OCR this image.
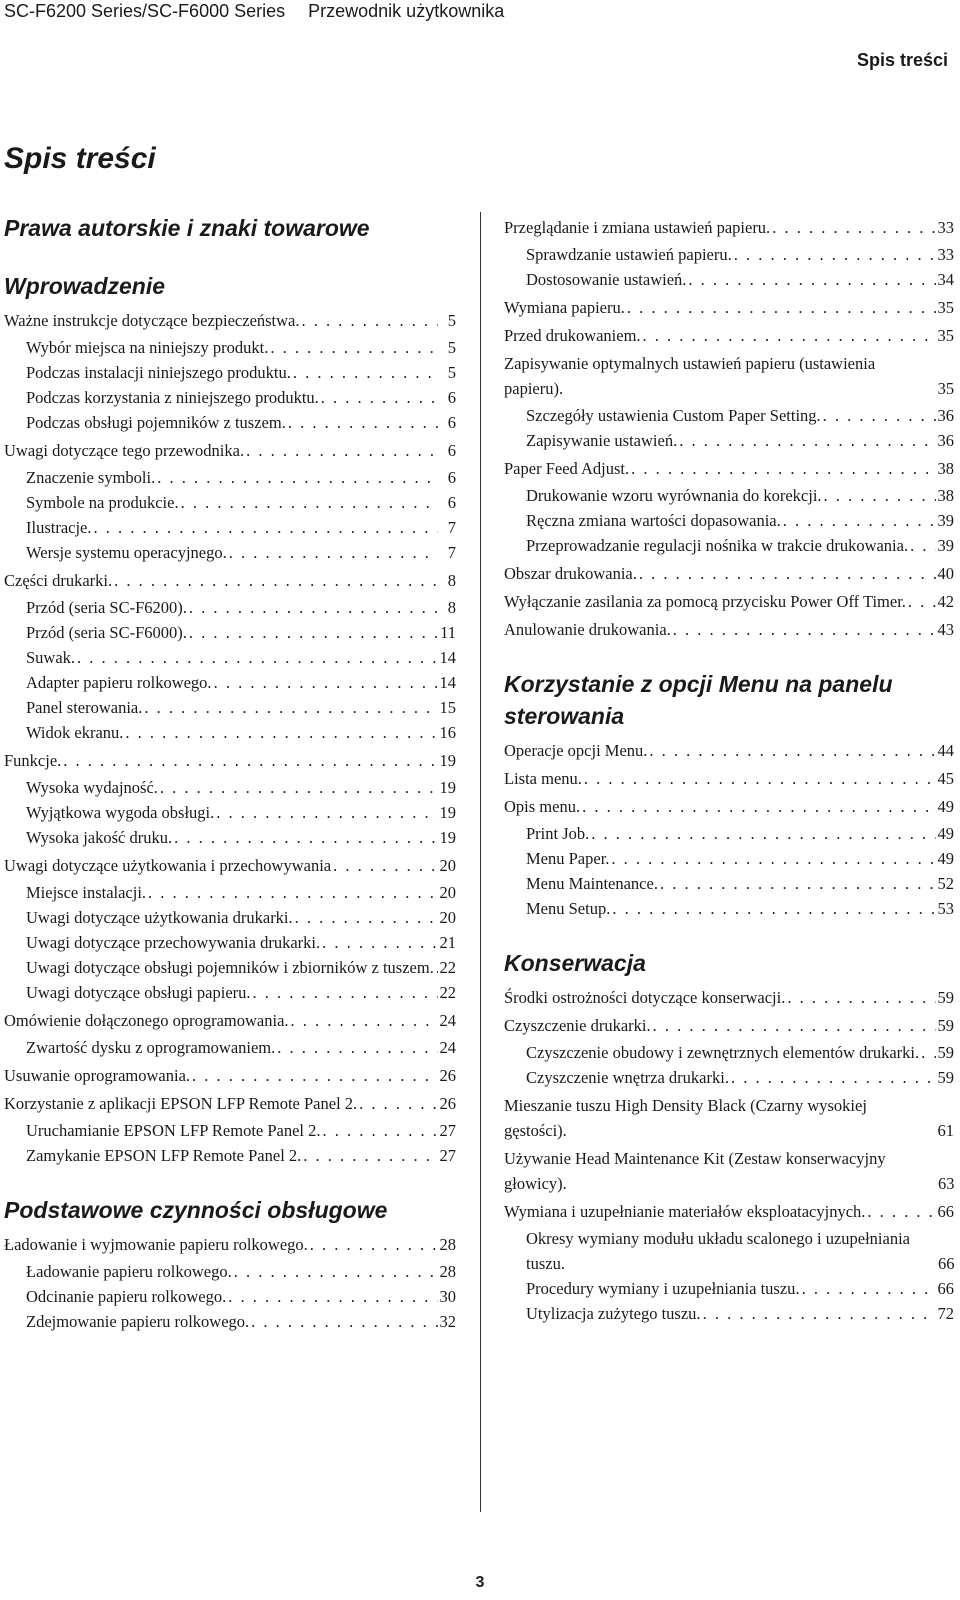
SC-F6200 Series/SC-F6000 Series Przewodnik użytkownika
Spis treści
Spis treści
Prawa autorskie i znaki towarowe
Wprowadzenie
Ważne instrukcje dotyczące bezpieczeństwa. . . .	5
Wybór miejsca na niniejszy produkt. . . .	5
Podczas instalacji niniejszego produktu. . . .	5
Podczas korzystania z niniejszego produktu. . . .	6
Podczas obsługi pojemników z tuszem. . . .	6
Uwagi dotyczące tego przewodnika. . . .	6
Znaczenie symboli. . . .	6
Symbole na produkcie. . . .	6
Ilustracje. . . .	7
Wersje systemu operacyjnego. . . .	7
Części drukarki. . . .	8
Przód (seria SC-F6200). . . .	8
Przód (seria SC-F6000). . . .	11
Suwak. . . .	14
Adapter papieru rolkowego. . . .	14
Panel sterowania. . . .	15
Widok ekranu. . . .	16
Funkcje. . . .	19
Wysoka wydajność. . . .	19
Wyjątkowa wygoda obsługi. . . .	19
Wysoka jakość druku. . . .	19
Uwagi dotyczące użytkowania i przechowywania . . .	20
Miejsce instalacji. . . .	20
Uwagi dotyczące użytkowania drukarki. . . .	20
Uwagi dotyczące przechowywania drukarki. . . .	21
Uwagi dotyczące obsługi pojemników i zbiorników z tuszem. . . . 22
Uwagi dotyczące obsługi papieru. . . .	22
Omówienie dołączonego oprogramowania. . . .	24
Zwartość dysku z oprogramowaniem. . . .	24
Usuwanie oprogramowania. . . .	26
Korzystanie z aplikacji EPSON LFP Remote Panel 2. . . .	26
Uruchamianie EPSON LFP Remote Panel 2. . . .	27
Zamykanie EPSON LFP Remote Panel 2. . . .	27
Podstawowe czynności obsługowe
Ładowanie i wyjmowanie papieru rolkowego. . . .	28
Ładowanie papieru rolkowego. . . .	28
Odcinanie papieru rolkowego. . . .	30
Zdejmowanie papieru rolkowego. . . .	32
Przeglądanie i zmiana ustawień papieru. . . .	33
Sprawdzanie ustawień papieru. . . .	33
Dostosowanie ustawień. . . .	34
Wymiana papieru. . . .	35
Przed drukowaniem. . . .	35
Zapisywanie optymalnych ustawień papieru (ustawienia papieru).	35
Szczegóły ustawienia Custom Paper Setting. . . .	36
Zapisywanie ustawień. . . .	36
Paper Feed Adjust. . . .	38
Drukowanie wzoru wyrównania do korekcji. . . .	38
Ręczna zmiana wartości dopasowania. . . .	39
Przeprowadzanie regulacji nośnika w trakcie drukowania. . . . 39
Obszar drukowania. . . .	40
Wyłączanie zasilania za pomocą przycisku Power Off Timer. . . . 42
Anulowanie drukowania. . . .	43
Korzystanie z opcji Menu na panelu sterowania
Operacje opcji Menu. . . .	44
Lista menu. . . .	45
Opis menu. . . .	49
Print Job. . . .	49
Menu Paper. . . .	49
Menu Maintenance. . . .	52
Menu Setup. . . .	53
Konserwacja
Środki ostrożności dotyczące konserwacji. . . .	59
Czyszczenie drukarki. . . .	59
Czyszczenie obudowy i zewnętrznych elementów drukarki. . . . 59
Czyszczenie wnętrza drukarki. . . .	59
Mieszanie tuszu High Density Black (Czarny wysokiej gęstości).	61
Używanie Head Maintenance Kit (Zestaw konserwacyjny głowicy).	63
Wymiana i uzupełnianie materiałów eksploatacyjnych. . . .	66
Okresy wymiany modułu układu scalonego i uzupełniania tuszu.	66
Procedury wymiany i uzupełniania tuszu. . . .	66
Utylizacja zużytego tuszu. . . .	72
3
